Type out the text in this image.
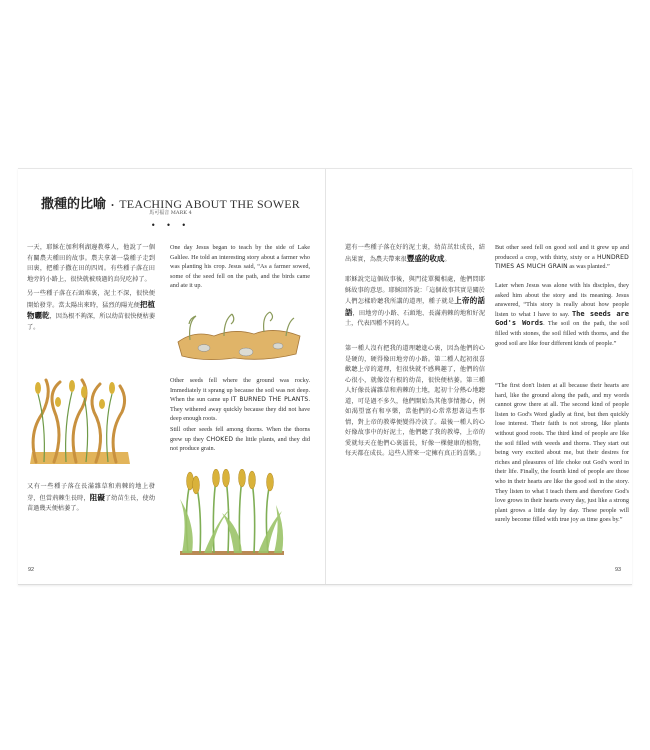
撒種的比喻 • TEACHING ABOUT THE SOWER
馬可福音 MARK 4
• • •
一天，耶穌在加利利湖邊教導人，他說了一個有關農夫種田的故事。農夫拿著一袋種子走到田裏，把種子撒在田的四周。有些種子落在田地旁的小路上，很快就被飛過的鳥兒吃掉了。
另一些種子落在石頭堆裏，泥土不深，很快便開始發芽。當太陽出來時，猛烈的陽光便把植物曬乾，因為根不夠深，所以幼苗很快便枯萎了。
又有一些種子落在長滿雜草和荊棘的地上發芽，但當荊棘生長時，阻礙了幼苗生長，使幼苗過幾天便枯萎了。
One day Jesus began to teach by the side of Lake Galilee. He told an interesting story about a farmer who was planting his crop. Jesus said, “As a farmer sowed, some of the seed fell on the path, and the birds came and ate it up.
Other seeds fell where the ground was rocky. Immediately it sprang up because the soil was not deep. When the sun came up IT BURNED THE PLANTS. They withered away quickly because they did not have deep enough roots.
Still other seeds fell among thorns. When the thorns grew up they CHOKED the little plants, and they did not produce grain.
92
還有一些種子落在好的泥土裏，幼苗茁壯成長，結出果實，為農夫帶來很豐盛的收成。
耶穌說完這個故事後，與門徒單獨相處，他們問耶穌故事的意思。耶穌回答說：「這個故事其實是關於人們怎樣聆聽我所講的道理，種子就是上帝的話語，田地旁的小路、石頭地、長滿荊棘的地和好泥土，代表四種不同的人。
第一種人沒有把我的道理聽進心裏，因為他們的心是硬的，硬得像田地旁的小路。第二種人起初很喜歡聽上帝的道理，但很快就不感興趣了，他們的信心很小，就像沒有根的幼苗，很快便枯萎。第三種人好像長滿雜草和荊棘的土地，起初十分熱心地聽道，可是過不多久，他們開始為其他事情擔心，例如渴望富有和享樂，當他們的心常常想著這些事情，對上帝的教導便變得冷淡了。最後一種人的心好像故事中的好泥土，他們聽了我的教導，上帝的愛就每天在他們心裏滋長，好像一棵健康的植物，每天都在成長。這些人將來一定擁有真正的喜樂。」
But other seed fell on good soil and it grew up and produced a crop, with thirty, sixty or a HUNDRED TIMES AS MUCH GRAIN as was planted.”
Later when Jesus was alone with his disciples, they asked him about the story and its meaning. Jesus answered, “This story is really about how people listen to what I have to say. The seeds are God's Words. The soil on the path, the soil filled with stones, the soil filled with thorns, and the good soil are like four different kinds of people.”
“The first don't listen at all because their hearts are hard, like the ground along the path, and my words cannot grow there at all. The second kind of people listen to God's Word gladly at first, but then quickly lose interest. Their faith is not strong, like plants without good roots. The third kind of people are like the soil filled with weeds and thorns. They start out being very excited about me, but their desires for riches and pleasures of life choke out God's word in their life. Finally, the fourth kind of people are those who in their hearts are like the good soil in the story. They listen to what I teach them and therefore God's love grows in their hearts every day, just like a strong plant grows a little day by day. These people will surely become filled with true joy as time goes by.”
93
